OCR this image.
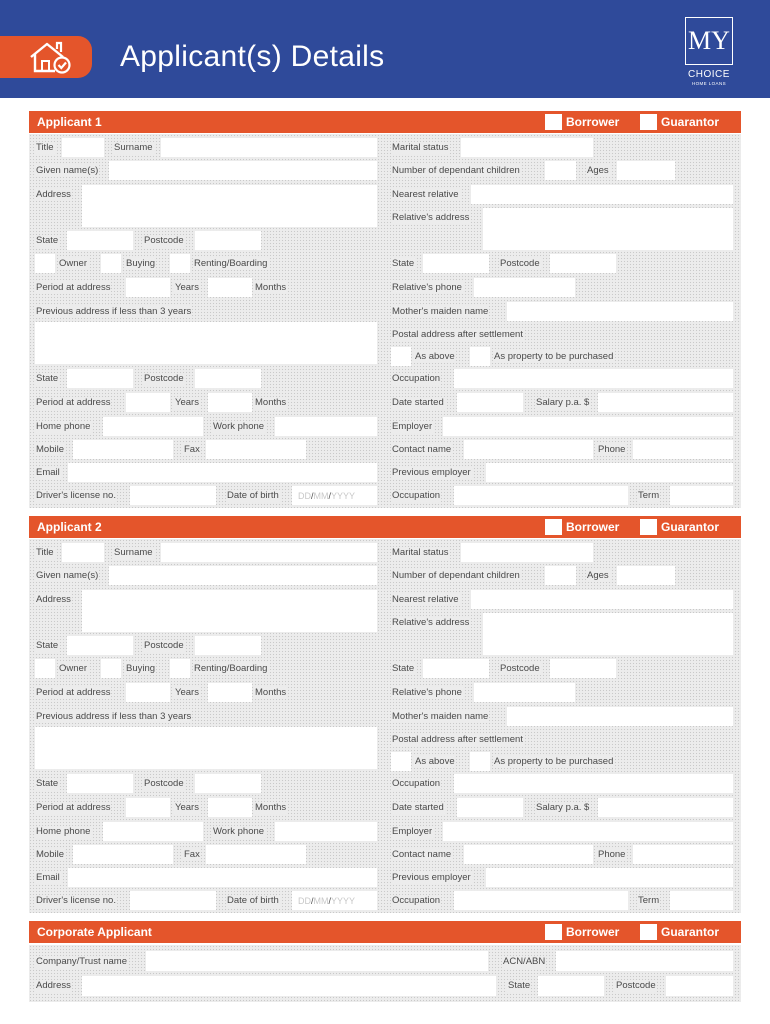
Applicant(s) Details	MY
CHOICE
HOME LOANS
Applicant 1	Borrower	Guarantor
Title	Surname
Given name(s)
Address
State	Postcode
Owner	Buying	Renting/Boarding
Period at address	Years	Months
Previous address if less than 3 years
State	Postcode
Period at address	Years	Months
Home phone	Work phone
Mobile	Fax
Email
Driver's license no.	Date of birth DD/MM/YYYY
Marital status
Number of dependant children	Ages
Nearest relative
Relative's address
State	Postcode
Relative's phone
Mother's maiden name
Postal address after settlement
As above	As property to be purchased
Occupation
Date started	Salary p.a. $
Employer
Contact name	Phone
Previous employer
Occupation	Term
Applicant 2	Borrower	Guarantor
Title	Surname
Given name(s)
Address
State	Postcode
Owner	Buying	Renting/Boarding
Period at address	Years	Months
Previous address if less than 3 years
State	Postcode
Period at address	Years	Months
Home phone	Work phone
Mobile	Fax
Email
Driver's license no.	Date of birth DD/MM/YYYY
Marital status
Number of dependant children	Ages
Nearest relative
Relative's address
State	Postcode
Relative's phone
Mother's maiden name
Postal address after settlement
As above	As property to be purchased
Occupation
Date started	Salary p.a. $
Employer
Contact name	Phone
Previous employer
Occupation	Term
Corporate Applicant	Borrower	Guarantor
Company/Trust name	ACN/ABN
Address	State	Postcode
